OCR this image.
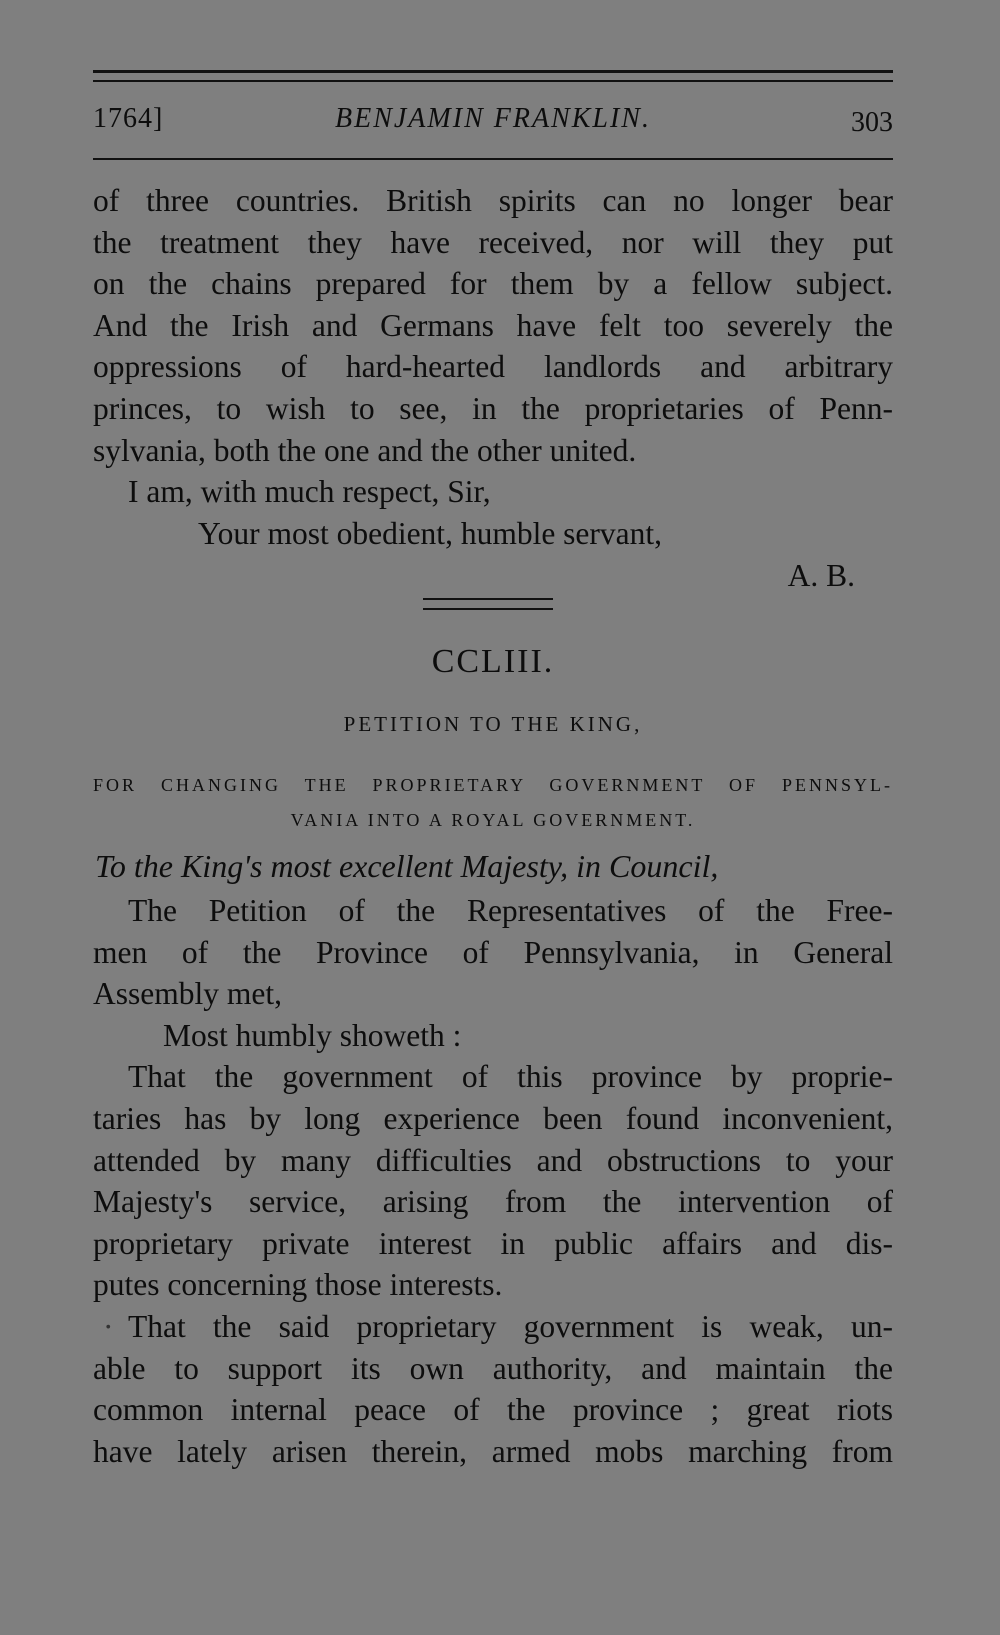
1764]	BENJAMIN FRANKLIN.	303
of three countries. British spirits can no longer bear
the treatment they have received, nor will they put
on the chains prepared for them by a fellow subject.
And the Irish and Germans have felt too severely the
oppressions of hard-hearted landlords and arbitrary
princes, to wish to see, in the proprietaries of Penn-
sylvania, both the one and the other united.
I am, with much respect, Sir,
Your most obedient, humble servant,
A. B.
CCLIII.
PETITION TO THE KING,
FOR CHANGING THE PROPRIETARY GOVERNMENT OF PENNSYL-
VANIA INTO A ROYAL GOVERNMENT.
To the King's most excellent Majesty, in Council,
The Petition of the Representatives of the Free-
men of the Province of Pennsylvania, in General
Assembly met,
Most humbly showeth :
That the government of this province by proprie-
taries has by long experience been found inconvenient,
attended by many difficulties and obstructions to your
Majesty's service, arising from the intervention of
proprietary private interest in public affairs and dis-
putes concerning those interests.
· That the said proprietary government is weak, un-
able to support its own authority, and maintain the
common internal peace of the province ; great riots
have lately arisen therein, armed mobs marching from
